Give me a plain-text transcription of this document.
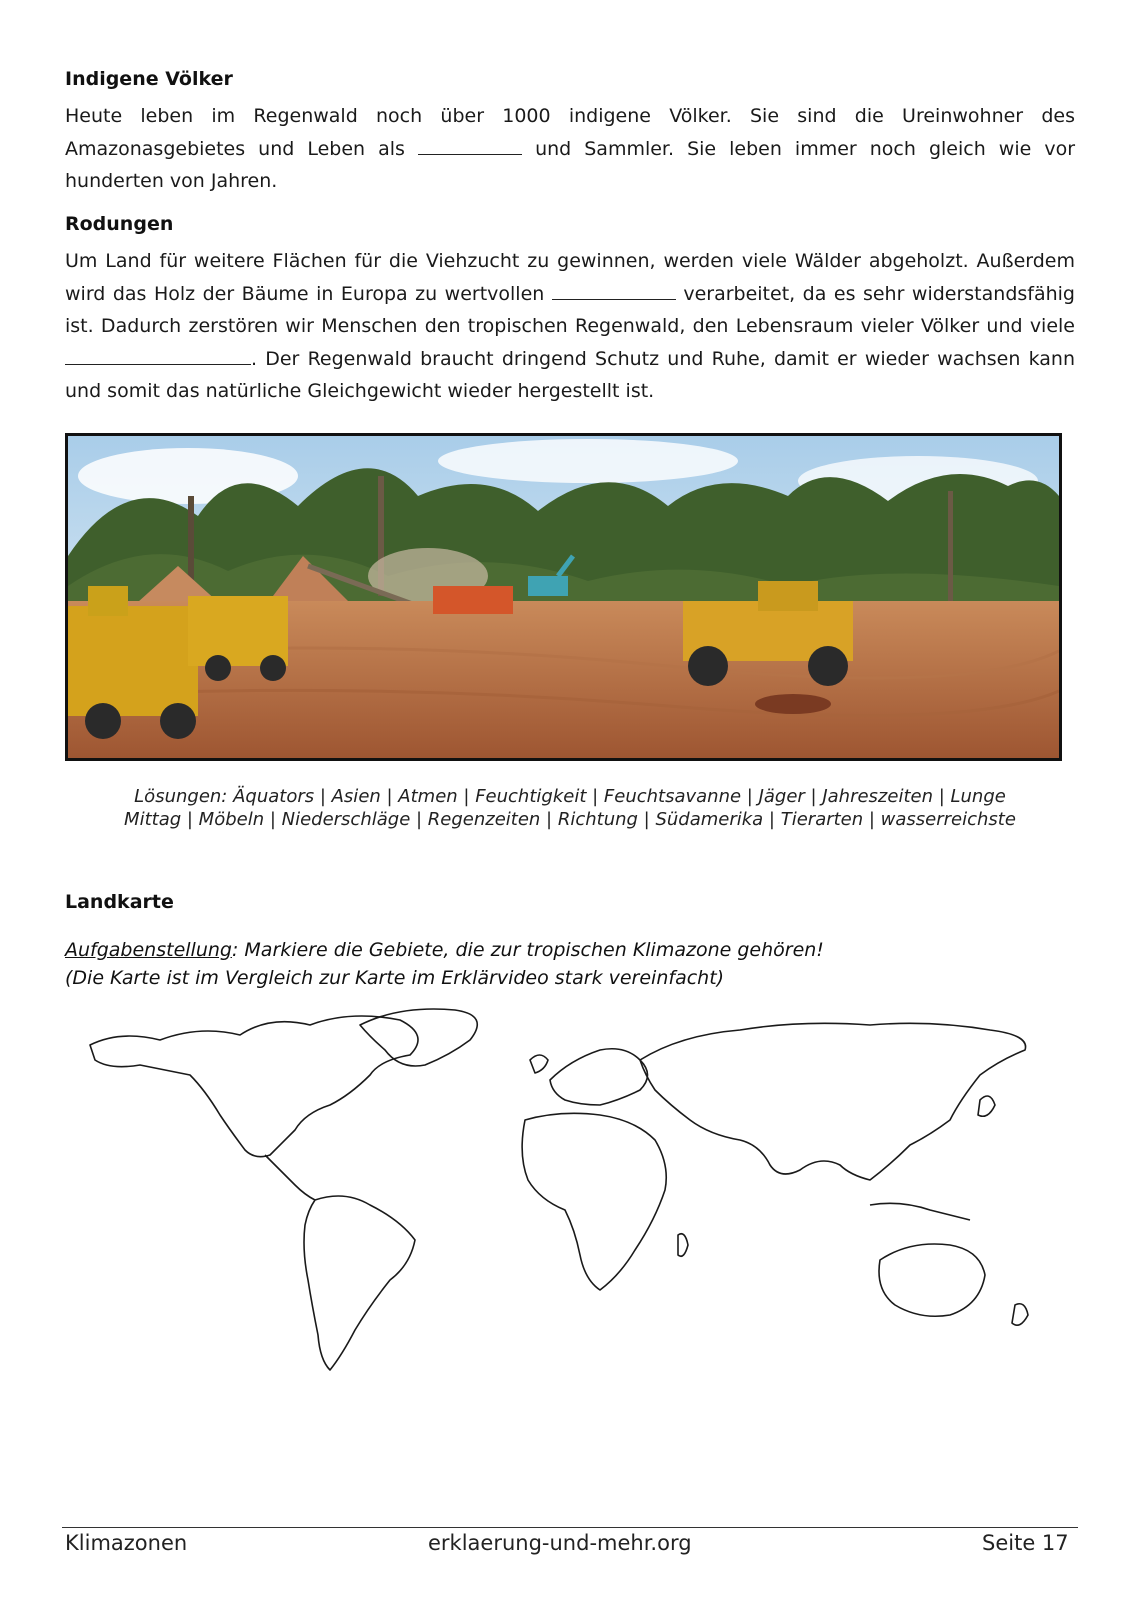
Indigene Völker

Heute leben im Regenwald noch über 1000 indigene Völker. Sie sind die Ureinwohner des Amazonasgebietes und Leben als	und Sammler. Sie leben immer noch gleich wie vor hunderten von Jahren.

Rodungen

Um Land für weitere Flächen für die Viehzucht zu gewinnen, werden viele Wälder abgeholzt. Außerdem wird das Holz der Bäume in Europa zu wertvollen	verarbeitet, da es sehr widerstandsfähig ist. Dadurch zerstören wir Menschen den tropischen Regenwald, den Lebensraum vieler Völker und viele . Der Regenwald braucht dringend Schutz und Ruhe, damit er wieder wachsen kann und somit das natürliche Gleichgewicht wieder hergestellt ist.

Lösungen: Äquators | Asien | Atmen | Feuchtigkeit | Feuchtsavanne | Jäger | Jahreszeiten | Lunge
Mittag | Möbeln | Niederschläge | Regenzeiten | Richtung | Südamerika | Tierarten | wasserreichste

Landkarte

Aufgabenstellung: Markiere die Gebiete, die zur tropischen Klimazone gehören!
(Die Karte ist im Vergleich zur Karte im Erklärvideo stark vereinfacht)

Klimazonen	erklaerung-und-mehr.org	Seite 17
